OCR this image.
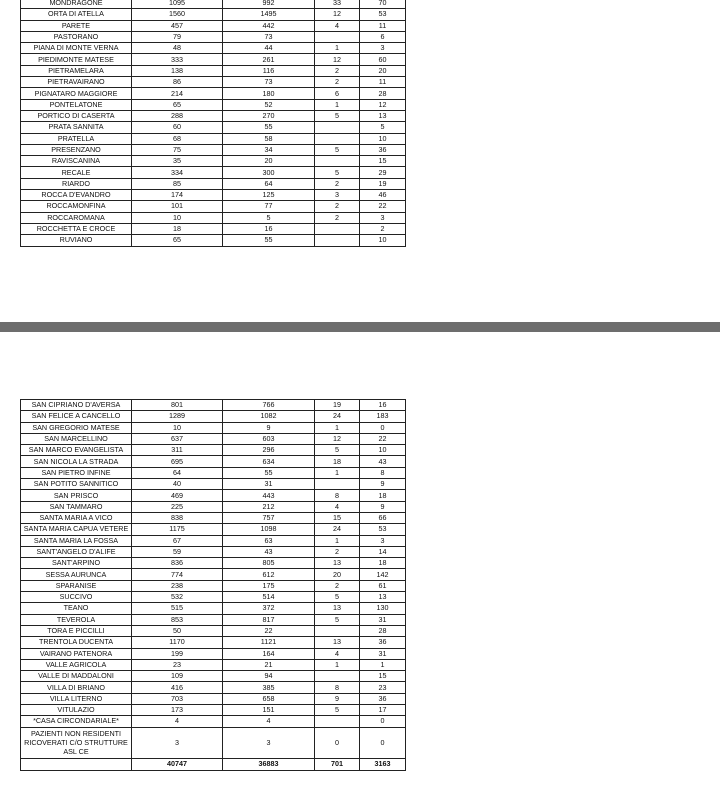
MONDRAGONE	1095	992	33	70
ORTA DI ATELLA	1560	1495	12	53
PARETE	457	442	4	11
PASTORANO	79	73		6
PIANA DI MONTE VERNA	48	44	1	3
PIEDIMONTE MATESE	333	261	12	60
PIETRAMELARA	138	116	2	20
PIETRAVAIRANO	86	73	2	11
PIGNATARO MAGGIORE	214	180	6	28
PONTELATONE	65	52	1	12
PORTICO DI CASERTA	288	270	5	13
PRATA SANNITA	60	55		5
PRATELLA	68	58		10
PRESENZANO	75	34	5	36
RAVISCANINA	35	20		15
RECALE	334	300	5	29
RIARDO	85	64	2	19
ROCCA D'EVANDRO	174	125	3	46
ROCCAMONFINA	101	77	2	22
ROCCAROMANA	10	5	2	3
ROCCHETTA E CROCE	18	16		2
RUVIANO	65	55		10
SAN CIPRIANO D'AVERSA	801	766	19	16
SAN FELICE A CANCELLO	1289	1082	24	183
SAN GREGORIO MATESE	10	9	1	0
SAN MARCELLINO	637	603	12	22
SAN MARCO EVANGELISTA	311	296	5	10
SAN NICOLA LA STRADA	695	634	18	43
SAN PIETRO INFINE	64	55	1	8
SAN POTITO SANNITICO	40	31		9
SAN PRISCO	469	443	8	18
SAN TAMMARO	225	212	4	9
SANTA MARIA A VICO	838	757	15	66
SANTA MARIA CAPUA VETERE	1175	1098	24	53
SANTA MARIA LA FOSSA	67	63	1	3
SANT'ANGELO D'ALIFE	59	43	2	14
SANT'ARPINO	836	805	13	18
SESSA AURUNCA	774	612	20	142
SPARANISE	238	175	2	61
SUCCIVO	532	514	5	13
TEANO	515	372	13	130
TEVEROLA	853	817	5	31
TORA E PICCILLI	50	22		28
TRENTOLA DUCENTA	1170	1121	13	36
VAIRANO PATENORA	199	164	4	31
VALLE AGRICOLA	23	21	1	1
VALLE DI MADDALONI	109	94		15
VILLA DI BRIANO	416	385	8	23
VILLA LITERNO	703	658	9	36
VITULAZIO	173	151	5	17
*CASA CIRCONDARIALE*	4	4		0
PAZIENTI NON RESIDENTI RICOVERATI C/O STRUTTURE ASL CE	3	3	0	0
	40747	36883	701	3163
